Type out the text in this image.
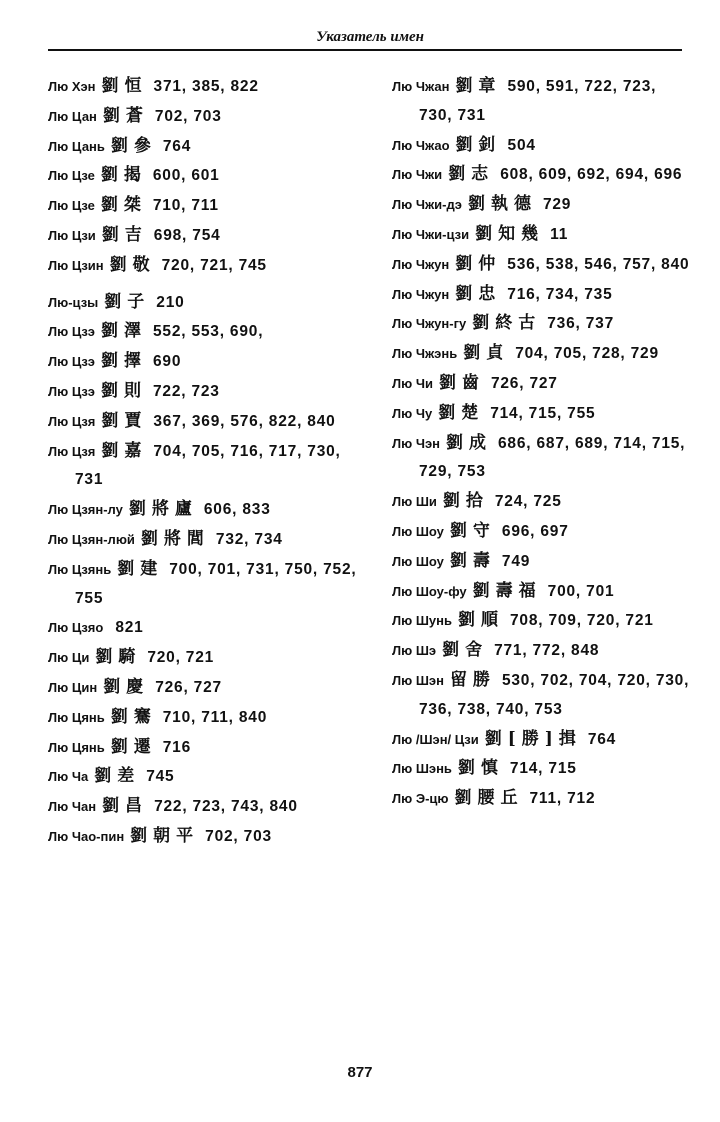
Указатель имен
Лю Хэн 劉恒 371, 385, 822
Лю Цан 劉蒼 702, 703
Лю Цань 劉參 764
Лю Цзе 劉揭 600, 601
Лю Цзе 劉桀 710, 711
Лю Цзи 劉吉 698, 754
Лю Цзин 劉敬 720, 721, 745
Лю-цзы 劉子 210
Лю Цзэ 劉澤 552, 553, 690,
Лю Цзэ 劉擇 690
Лю Цзэ 劉則 722, 723
Лю Цзя 劉賈 367, 369, 576, 822, 840
Лю Цзя 劉嘉 704, 705, 716, 717, 730, 731
Лю Цзян-лу 劉將廬 606, 833
Лю Цзян-люй 劉將閭 732, 734
Лю Цзянь 劉建 700, 701, 731, 750, 752, 755
Лю Цзяо 821
Лю Ци 劉騎 720, 721
Лю Цин 劉慶 726, 727
Лю Цянь 劉騫 710, 711, 840
Лю Цянь 劉遷 716
Лю Ча 劉差 745
Лю Чан 劉昌 722, 723, 743, 840
Лю Чао-пин 劉朝平 702, 703
Лю Чжан 劉章 590, 591, 722, 723, 730, 731
Лю Чжао 劉釗 504
Лю Чжи 劉志 608, 609, 692, 694, 696
Лю Чжи-дэ 劉執德 729
Лю Чжи-цзи 劉知幾 11
Лю Чжун 劉仲 536, 538, 546, 757, 840
Лю Чжун 劉忠 716, 734, 735
Лю Чжун-гу 劉終古 736, 737
Лю Чжэнь 劉貞 704, 705, 728, 729
Лю Чи 劉齒 726, 727
Лю Чу 劉楚 714, 715, 755
Лю Чэн 劉成 686, 687, 689, 714, 715, 729, 753
Лю Ши 劉拾 724, 725
Лю Шоу 劉守 696, 697
Лю Шоу 劉壽 749
Лю Шоу-фу 劉壽福 700, 701
Лю Шунь 劉順 708, 709, 720, 721
Лю Шэ 劉舍 771, 772, 848
Лю Шэн 留勝 530, 702, 704, 720, 730, 736, 738, 740, 753
Лю /Шэн/ Цзи 劉[勝]揖 764
Лю Шэнь 劉慎 714, 715
Лю Э-цю 劉腰丘 711, 712
877
